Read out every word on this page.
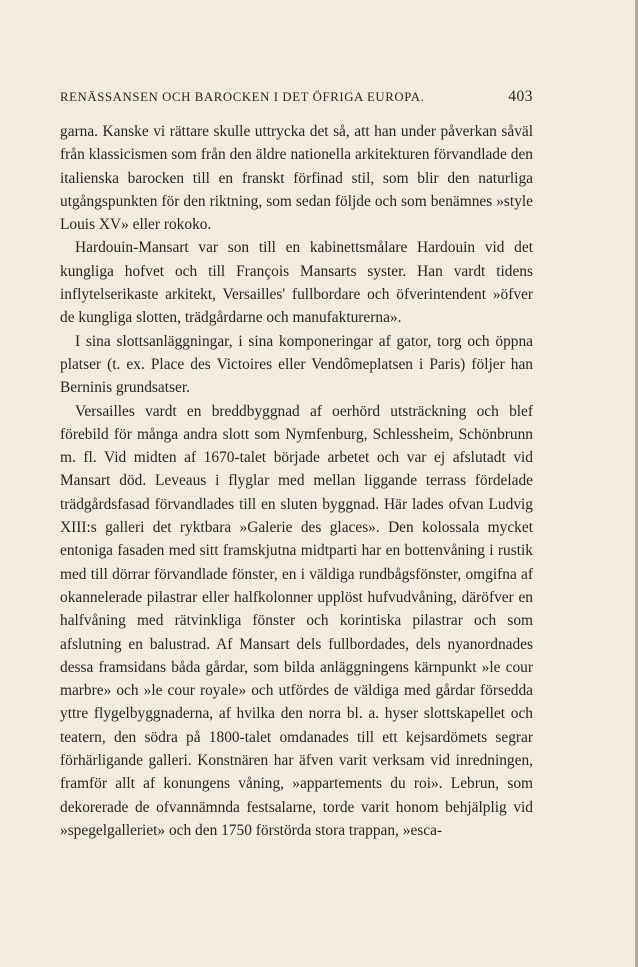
RENÄSSANSEN OCH BAROCKEN I DET ÖFRIGA EUROPA.	403

garna. Kanske vi rättare skulle uttrycka det så, att han under påverkan såväl från klassicismen som från den äldre nationella arkitekturen förvandlade den italienska barocken till en franskt förfinad stil, som blir den naturliga utgångspunkten för den riktning, som sedan följde och som benämnes »style Louis XV» eller rokoko.

Hardouin-Mansart var son till en kabinettsmålare Hardouin vid det kungliga hofvet och till François Mansarts syster. Han vardt tidens inflytelserikaste arkitekt, Versailles' fullbordare och öfverintendent »öfver de kungliga slotten, trädgårdarne och manufakturerna».

I sina slottsanläggningar, i sina komponeringar af gator, torg och öppna platser (t. ex. Place des Victoires eller Vendômeplatsen i Paris) följer han Berninis grundsatser.

Versailles vardt en breddbyggnad af oerhörd utsträckning och blef förebild för många andra slott som Nymfenburg, Schlessheim, Schönbrunn m. fl. Vid midten af 1670-talet började arbetet och var ej afslutadt vid Mansart död. Leveaus i flyglar med mellan liggande terrass fördelade trädgårdsfasad förvandlades till en sluten byggnad. Här lades ofvan Ludvig XIII:s galleri det ryktbara »Galerie des glaces». Den kolossala mycket entoniga fasaden med sitt framskjutna midtparti har en bottenvåning i rustik med till dörrar förvandlade fönster, en i väldiga rundbågsfönster, omgifna af okannelerade pilastrar eller halfkolonner upplöst hufvudvåning, däröfver en halfvåning med rätvinkliga fönster och korintiska pilastrar och som afslutning en balustrad. Af Mansart dels fullbordades, dels nyanordnades dessa framsidans båda gårdar, som bilda anläggningens kärnpunkt »le cour marbre» och »le cour royale» och utfördes de väldiga med gårdar försedda yttre flygelbyggnaderna, af hvilka den norra bl. a. hyser slottskapellet och teatern, den södra på 1800-talet omdanades till ett kejsardömets segrar förhärligande galleri. Konstnären har äfven varit verksam vid inredningen, framför allt af konungens våning, »appartements du roi». Lebrun, som dekorerade de ofvannämnda festsalarne, torde varit honom behjälplig vid »spegelgalleriet» och den 1750 förstörda stora trappan, »esca-
